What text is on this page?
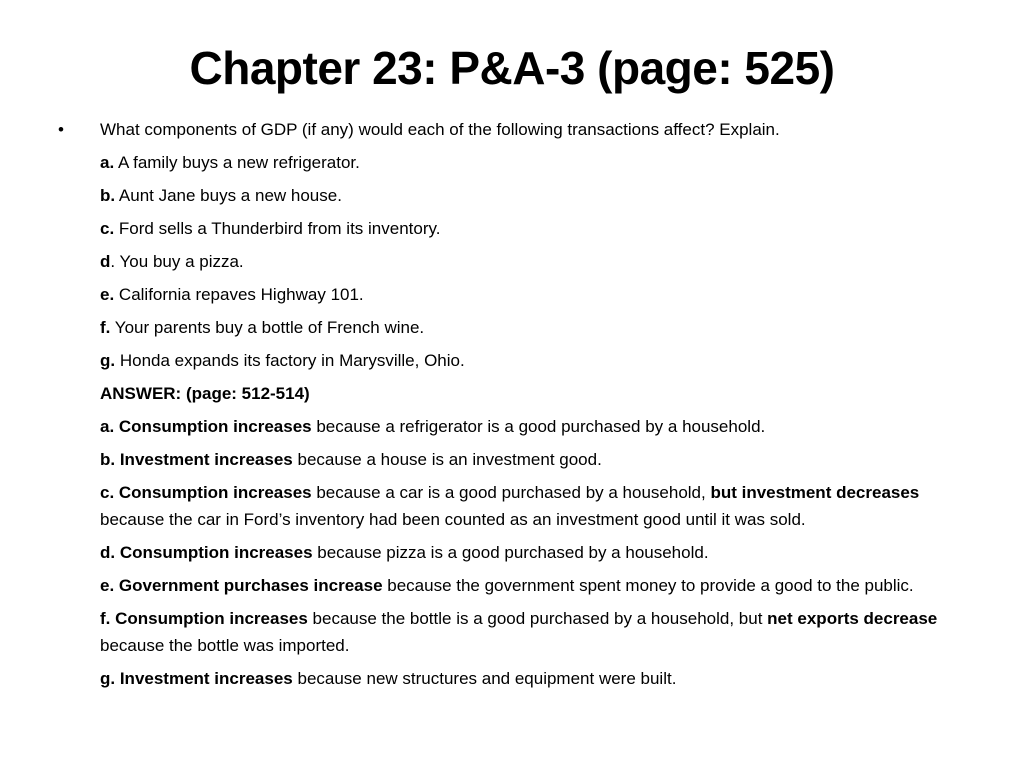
Chapter 23: P&A-3 (page: 525)
• What components of GDP (if any) would each of the following transactions affect? Explain.
a. A family buys a new refrigerator.
b. Aunt Jane buys a new house.
c. Ford sells a Thunderbird from its inventory.
d. You buy a pizza.
e. California repaves Highway 101.
f. Your parents buy a bottle of French wine.
g. Honda expands its factory in Marysville, Ohio.
ANSWER: (page: 512-514)
a. Consumption increases because a refrigerator is a good purchased by a household.
b. Investment increases because a house is an investment good.
c. Consumption increases because a car is a good purchased by a household, but investment decreases because the car in Ford’s inventory had been counted as an investment good until it was sold.
d. Consumption increases because pizza is a good purchased by a household.
e. Government purchases increase because the government spent money to provide a good to the public.
f. Consumption increases because the bottle is a good purchased by a household, but net exports decrease because the bottle was imported.
g. Investment increases because new structures and equipment were built.
